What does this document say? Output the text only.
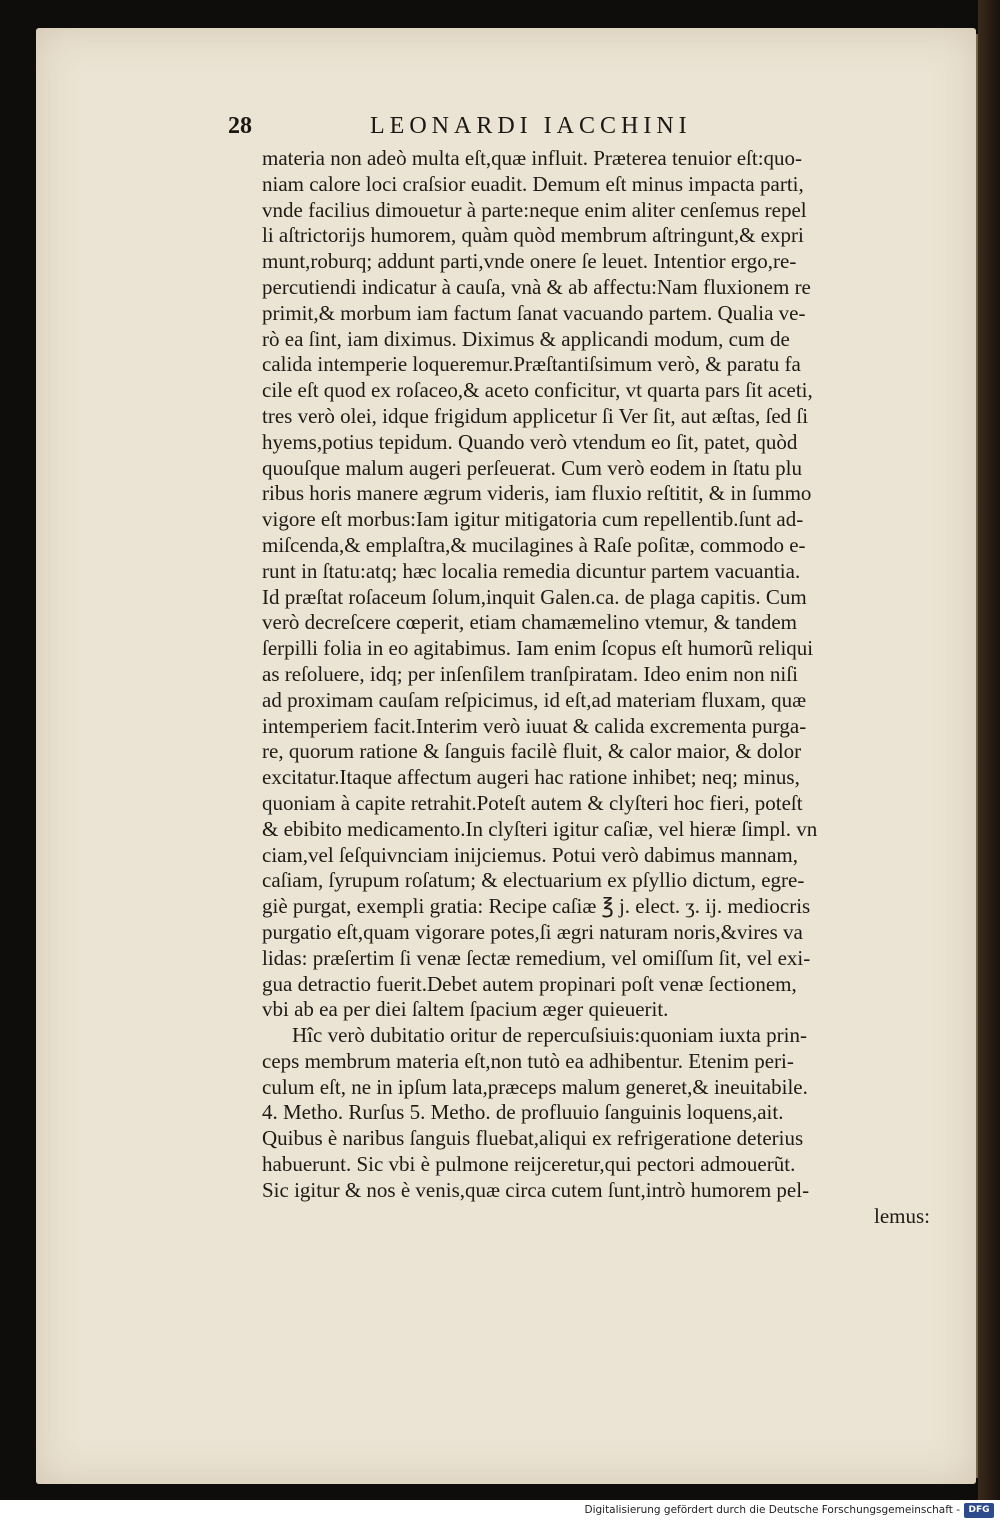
28	LEONARDI IACCHINI
materia non adeò multa eſt,quæ influit. Præterea tenuior eſt:quo-
niam calore loci craſsior euadit. Demum eſt minus impacta parti,
vnde facilius dimouetur à parte:neque enim aliter cenſemus repel
li aſtrictorijs humorem, quàm quòd membrum aſtringunt,& expri
munt,roburq; addunt parti,vnde onere ſe leuet. Intentior ergo,re-
percutiendi indicatur à cauſa, vnà & ab affectu:Nam fluxionem re
primit,& morbum iam factum ſanat vacuando partem. Qualia ve-
rò ea ſint, iam diximus. Diximus & applicandi modum, cum de
calida intemperie loqueremur.Præſtantiſsimum verò, & paratu fa
cile eſt quod ex roſaceo,& aceto conficitur, vt quarta pars ſit aceti,
tres verò olei, idque frigidum applicetur ſi Ver ſit, aut æſtas, ſed ſi
hyems,potius tepidum. Quando verò vtendum eo ſit, patet, quòd
quouſque malum augeri perſeuerat. Cum verò eodem in ſtatu plu
ribus horis manere ægrum videris, iam fluxio reſtitit, & in ſummo
vigore eſt morbus:Iam igitur mitigatoria cum repellentib.ſunt ad-
miſcenda,& emplaſtra,& mucilagines à Raſe poſitæ, commodo e-
runt in ſtatu:atq; hæc localia remedia dicuntur partem vacuantia.
Id præſtat roſaceum ſolum,inquit Galen.ca. de plaga capitis. Cum
verò decreſcere cœperit, etiam chamæmelino vtemur, & tandem
ſerpilli folia in eo agitabimus. Iam enim ſcopus eſt humorũ reliqui
as reſoluere, idq; per inſenſilem tranſpiratam. Ideo enim non niſi
ad proximam cauſam reſpicimus, id eſt,ad materiam fluxam, quæ
intemperiem facit.Interim verò iuuat & calida excrementa purga-
re, quorum ratione & ſanguis facilè fluit, & calor maior, & dolor
excitatur.Itaque affectum augeri hac ratione inhibet; neq; minus,
quoniam à capite retrahit.Poteſt autem & clyſteri hoc fieri, poteſt
& ebibito medicamento.In clyſteri igitur caſiæ, vel hieræ ſimpl. vn
ciam,vel ſeſquivnciam inijciemus. Potui verò dabimus mannam,
caſiam, ſyrupum roſatum; & electuarium ex pſyllio dictum, egre-
giè purgat, exempli gratia: Recipe caſiæ ℥ j. elect. ʒ. ij. mediocris
purgatio eſt,quam vigorare potes,ſi ægri naturam noris,&vires va
lidas: præſertim ſi venæ ſectæ remedium, vel omiſſum ſit, vel exi-
gua detractio fuerit.Debet autem propinari poſt venæ ſectionem,
vbi ab ea per diei ſaltem ſpacium æger quieuerit.
Hîc verò dubitatio oritur de repercuſsiuis:quoniam iuxta prin-
ceps membrum materia eſt,non tutò ea adhibentur. Etenim peri-
culum eſt, ne in ipſum lata,præceps malum generet,& ineuitabile.
4. Metho. Rurſus 5. Metho. de profluuio ſanguinis loquens,ait.
Quibus è naribus ſanguis fluebat,aliqui ex refrigeratione deterius
habuerunt. Sic vbi è pulmone reijceretur,qui pectori admouerũt.
Sic igitur & nos è venis,quæ circa cutem ſunt,intrò humorem pel-
lemus:
Digitalisierung gefördert durch die Deutsche Forschungsgemeinschaft - DFG
